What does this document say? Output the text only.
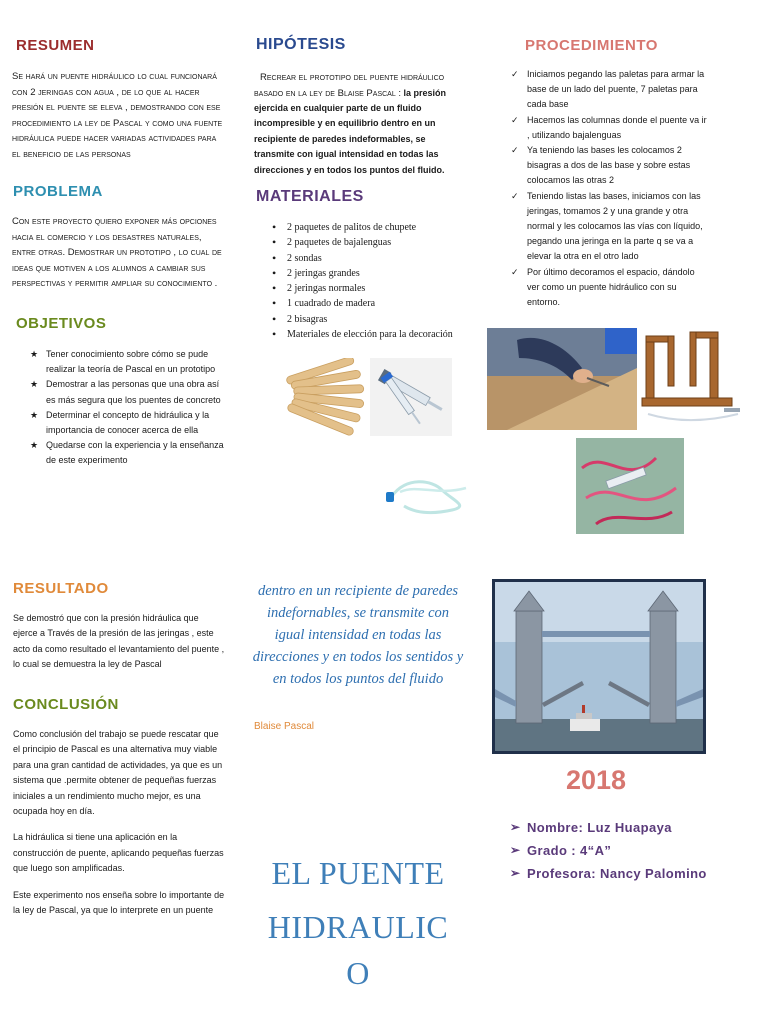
RESUMEN
Se hará un puente hidráulico lo cual funcionará con 2 jeringas con agua , de lo que al hacer presión el puente se eleva , demostrando con ese procedimiento la ley de Pascal y como una fuente hidráulica puede hacer variadas actividades para el beneficio de las personas
PROBLEMA
Con este proyecto quiero exponer más opciones hacia el comercio y los desastres naturales, entre otras. Demostrar un prototipo , lo cual de ideas que motiven a los alumnos a cambiar sus perspectivas y permitir ampliar su conocimiento .
OBJETIVOS
★ Tener conocimiento sobre cómo se pude realizar la teoría de Pascal en un prototipo
★ Demostrar a las personas que una obra así es más segura que los puentes de concreto
★ Determinar el concepto de hidráulica y la importancia de conocer acerca de ella
★ Quedarse con la experiencia y la enseñanza de este experimento
RESULTADO

Se demostró que con la presión hidráulica que ejerce a Través de la presión de las jeringas , este acto da como resultado el levantamiento del puente , lo cual se demuestra la ley de Pascal

CONCLUSIÓN

Como conclusión del trabajo se puede rescatar que el principio de Pascal es una alternativa muy viable para una gran cantidad de actividades, ya que es un sistema que .permite obtener de pequeñas fuerzas iniciales a un rendimiento mucho mejor, es una ocupada hoy en día.

La hidráulica si tiene una aplicación en la construcción de puente, aplicando pequeñas fuerzas que luego son amplificadas.

Este experimento nos enseña sobre lo importante de la ley de Pascal, ya que lo interprete en un puente

HIPÓTESIS
Recrear el prototipo del puente hidráulico basado en la ley de Blaise Pascal : la presión ejercida en cualquier parte de un fluido incompresible y en equilibrio dentro en un recipiente de paredes indeformables, se transmite con igual intensidad en todas las direcciones y en todos los puntos del fluido.
MATERIALES
• 2 paquetes de palitos de chupete
• 2 paquetes de bajalenguas
• 2 sondas
• 2 jeringas grandes
• 2 jeringas normales
• 1 cuadrado de madera
• 2 bisagras
• Materiales de elección para la decoración

dentro en un recipiente de paredes indefornables, se transmite con igual intensidad en todas las direcciones y en todos los sentidos y en todos los puntos del fluido

Blaise Pascal
PROCEDIMIENTO
✓ Iniciamos pegando las paletas para armar la base de un lado del puente, 7 paletas para cada base
✓ Hacemos las columnas donde el puente va ir , utilizando bajalenguas
✓ Ya teniendo las bases les colocamos 2 bisagras a dos de las base y sobre estas colocamos las otras 2
✓ Teniendo listas las bases, iniciamos con las jeringas, tomamos 2 y una grande y otra normal y les colocamos las vías con líquido, pegando una jeringa en la parte q se va a elevar la otra en el otro lado
✓ Por último decoramos el espacio, dándolo ver como un puente hidráulico con su entorno.
2018
➢ Nombre: Luz Huapaya
➢ Grado : 4“A”
➢ Profesora: Nancy Palomino

EL PUENTE

HIDRAULIC

O
